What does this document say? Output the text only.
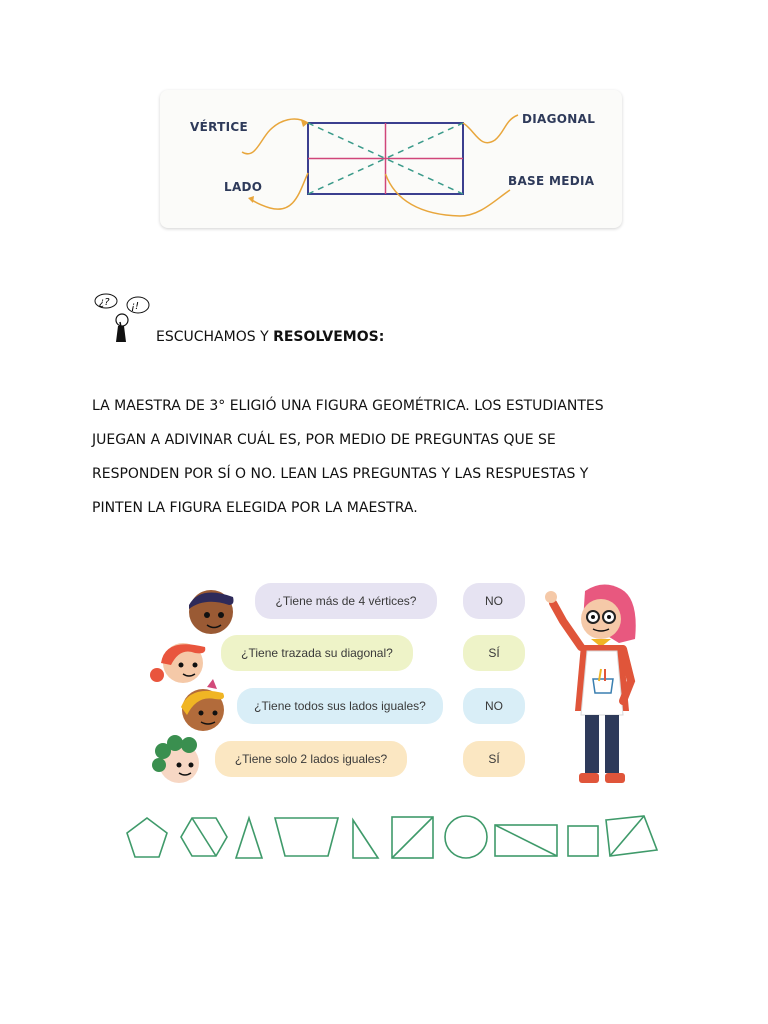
VÉRTICE
DIAGONAL
LADO	BASE MEDIA
¿? ¡!
ESCUCHAMOS Y RESOLVEMOS:

LA MAESTRA DE 3° ELIGIÓ UNA FIGURA GEOMÉTRICA. LOS ESTUDIANTES

JUEGAN A ADIVINAR CUÁL ES, POR MEDIO DE PREGUNTAS QUE SE

RESPONDEN POR SÍ O NO. LEAN LAS PREGUNTAS Y LAS RESPUESTAS Y

PINTEN LA FIGURA ELEGIDA POR LA MAESTRA.

¿Tiene más de 4 vértices?
¿Tiene trazada su diagonal?
¿Tiene todos sus lados iguales?
¿Tiene solo 2 lados iguales?
NO
SÍ
NO
SÍ
